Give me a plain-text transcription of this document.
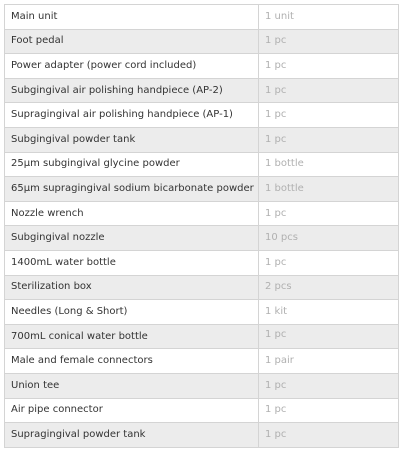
Main unit	1 unit
Foot pedal	1 pc
Power adapter (power cord included)	1 pc
Subgingival air polishing handpiece (AP-2)	1 pc
Supragingival air polishing handpiece (AP-1)	1 pc
Subgingival powder tank	1 pc
25μm subgingival glycine powder	1 bottle
65μm supragingival sodium bicarbonate powder	1 bottle
Nozzle wrench	1 pc
Subgingival nozzle	10 pcs
1400mL water bottle	1 pc
Sterilization box	2 pcs
Needles (Long & Short)	1 kit
700mL conical water bottle	1 pc
Male and female connectors	1 pair
Union tee	1 pc
Air pipe connector	1 pc
Supragingival powder tank	1 pc
